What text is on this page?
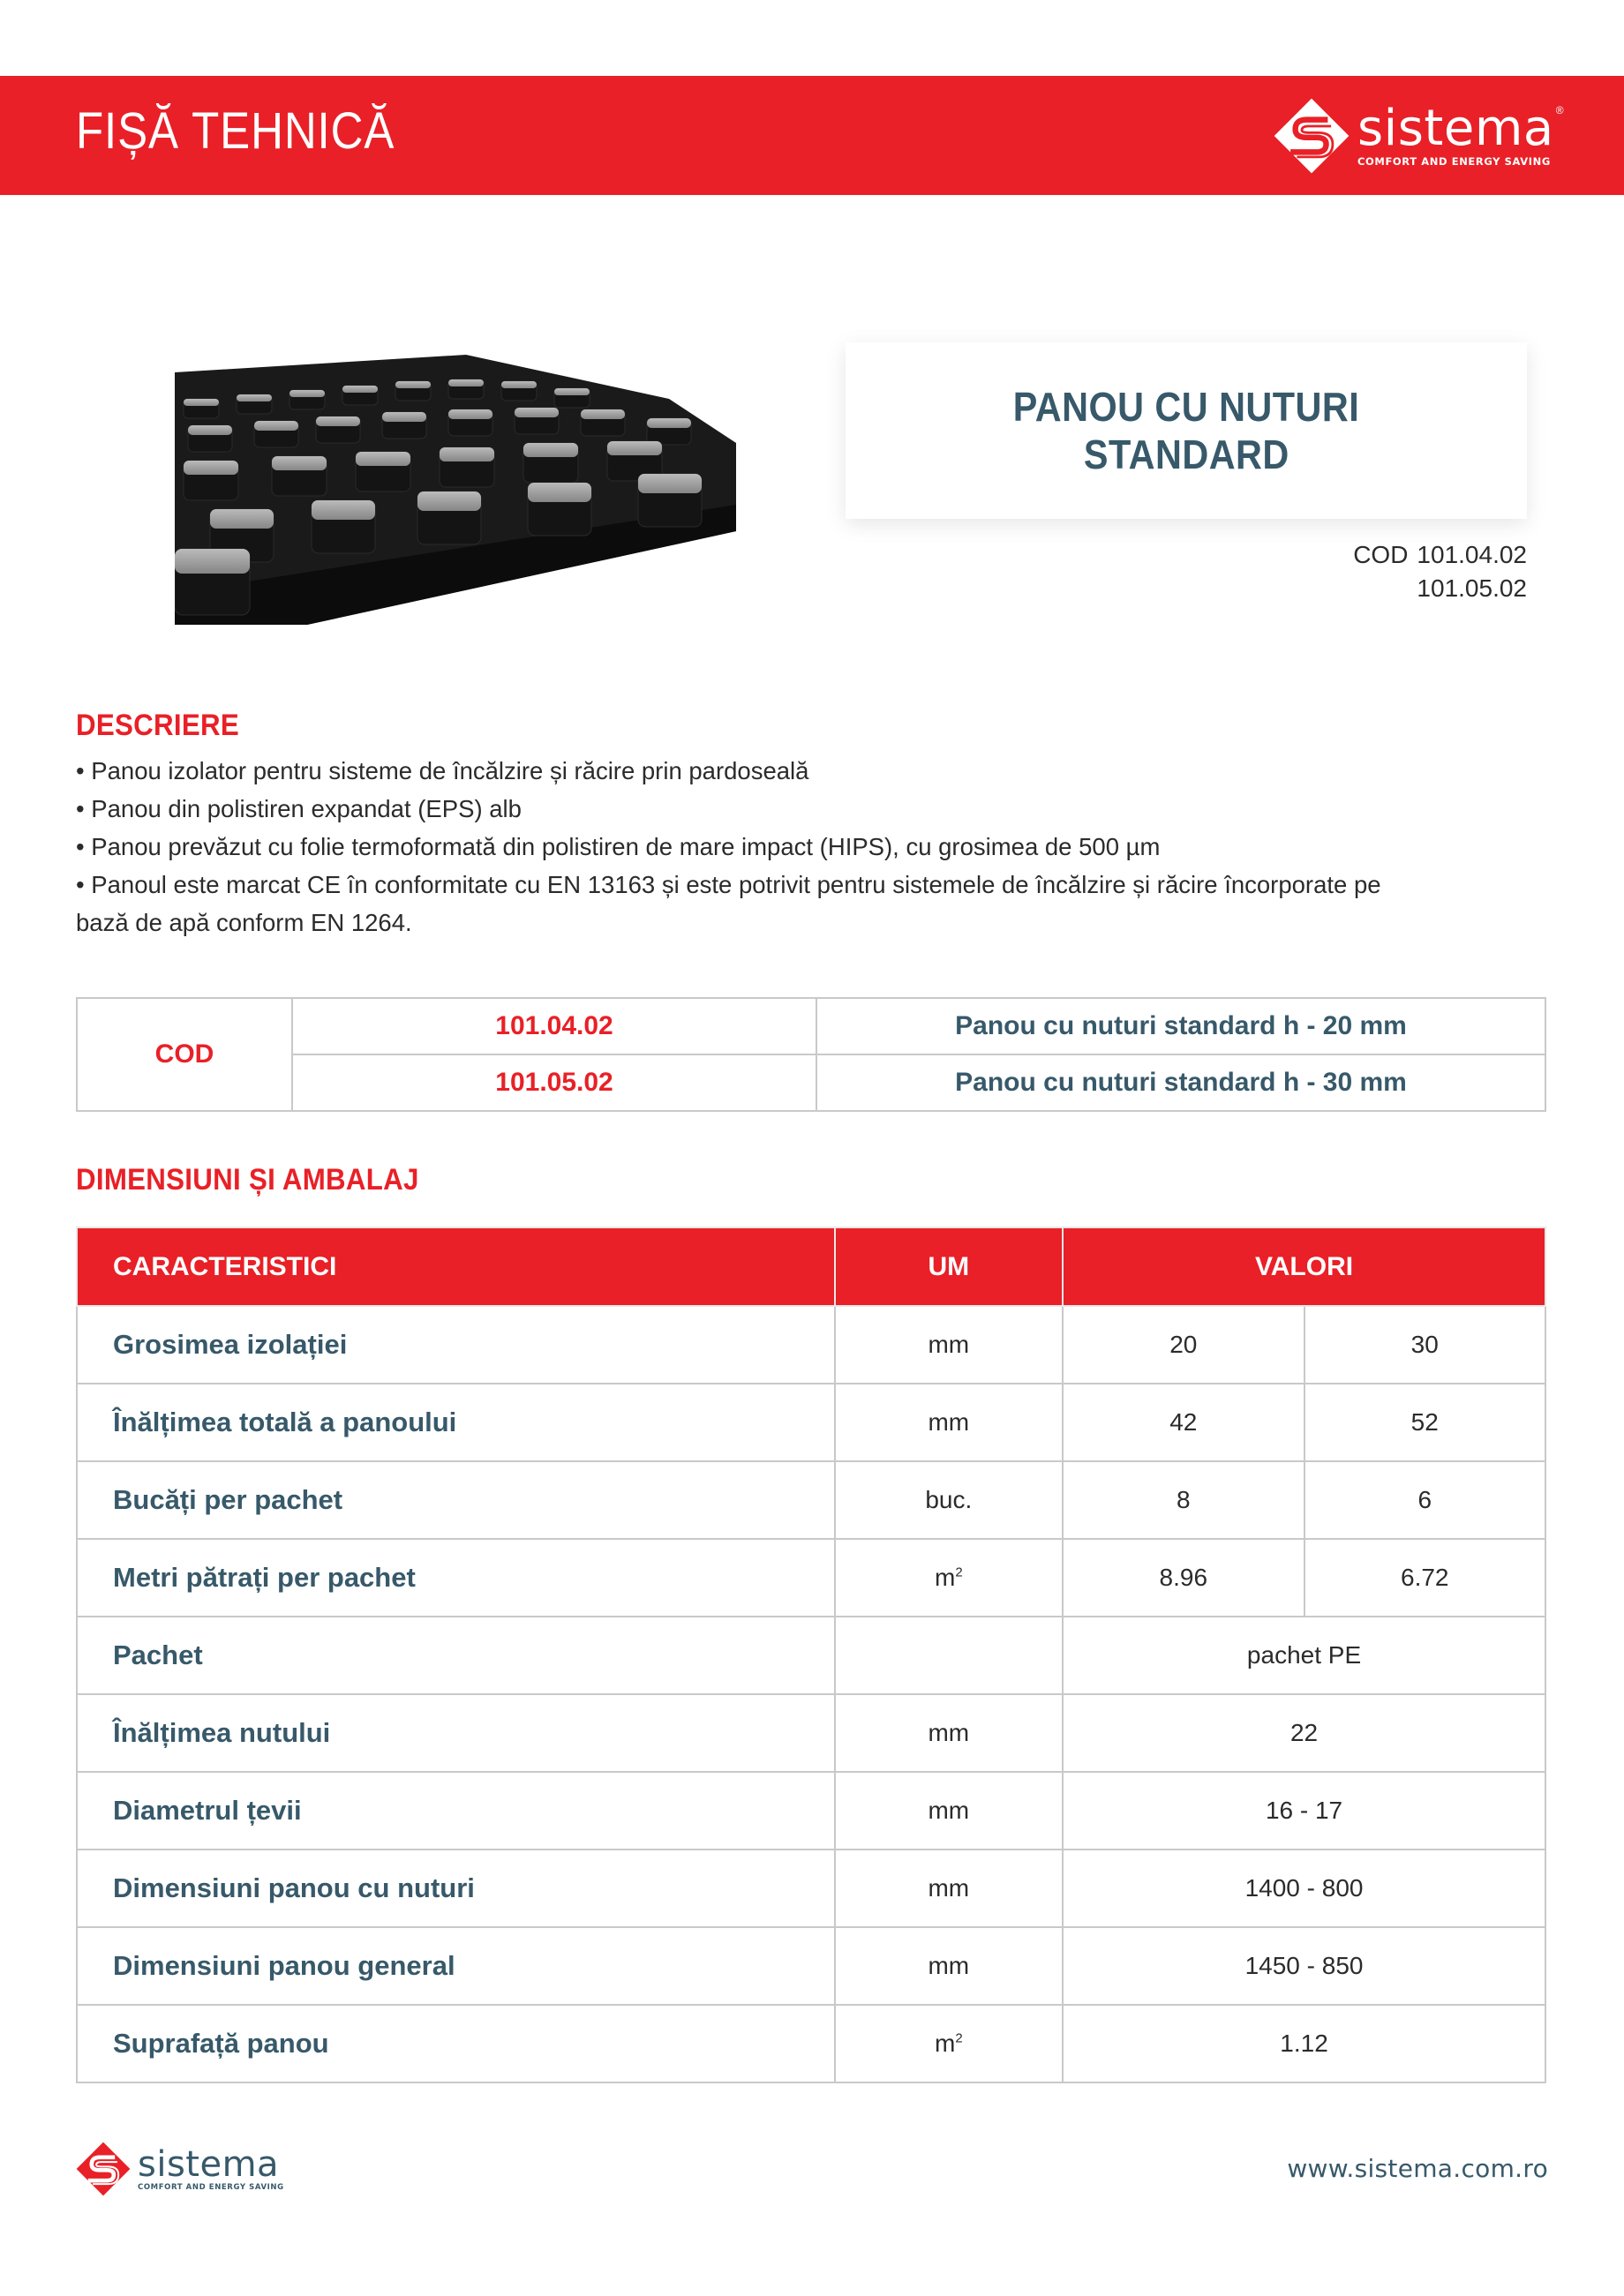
FIȘĂ TEHNICĂ	sistema ®
COMFORT AND ENERGY SAVING
PANOU CU NUTURI
STANDARD
COD 101.04.02
101.05.02
DESCRIERE
• Panou izolator pentru sisteme de încălzire și răcire prin pardoseală
• Panou din polistiren expandat (EPS) alb
• Panou prevăzut cu folie termoformată din polistiren de mare impact (HIPS), cu grosimea de 500 µm
• Panoul este marcat CE în conformitate cu EN 13163 și este potrivit pentru sistemele de încălzire și răcire încorporate pe
bază de apă conform EN 1264.
COD	101.04.02	Panou cu nuturi standard h - 20 mm
	101.05.02	Panou cu nuturi standard h - 30 mm
DIMENSIUNI ȘI AMBALAJ
CARACTERISTICI	UM	VALORI	
Grosimea izolației	mm	20	30
Înălțimea totală a panoului	mm	42	52
Bucăți per pachet	buc.	8	6
Metri pătrați per pachet	$m^2$	8.96	6.72
Pachet		pachet PE	
Înălțimea nutului	mm	22	
Diametrul țevii	mm	16 - 17	
Dimensiuni panou cu nuturi	mm	1400 - 800	
Dimensiuni panou general	mm	1450 - 850	
Suprafață panou	$m^2$	1.12	
sistema
COMFORT AND ENERGY SAVING
www.sistema.com.ro
